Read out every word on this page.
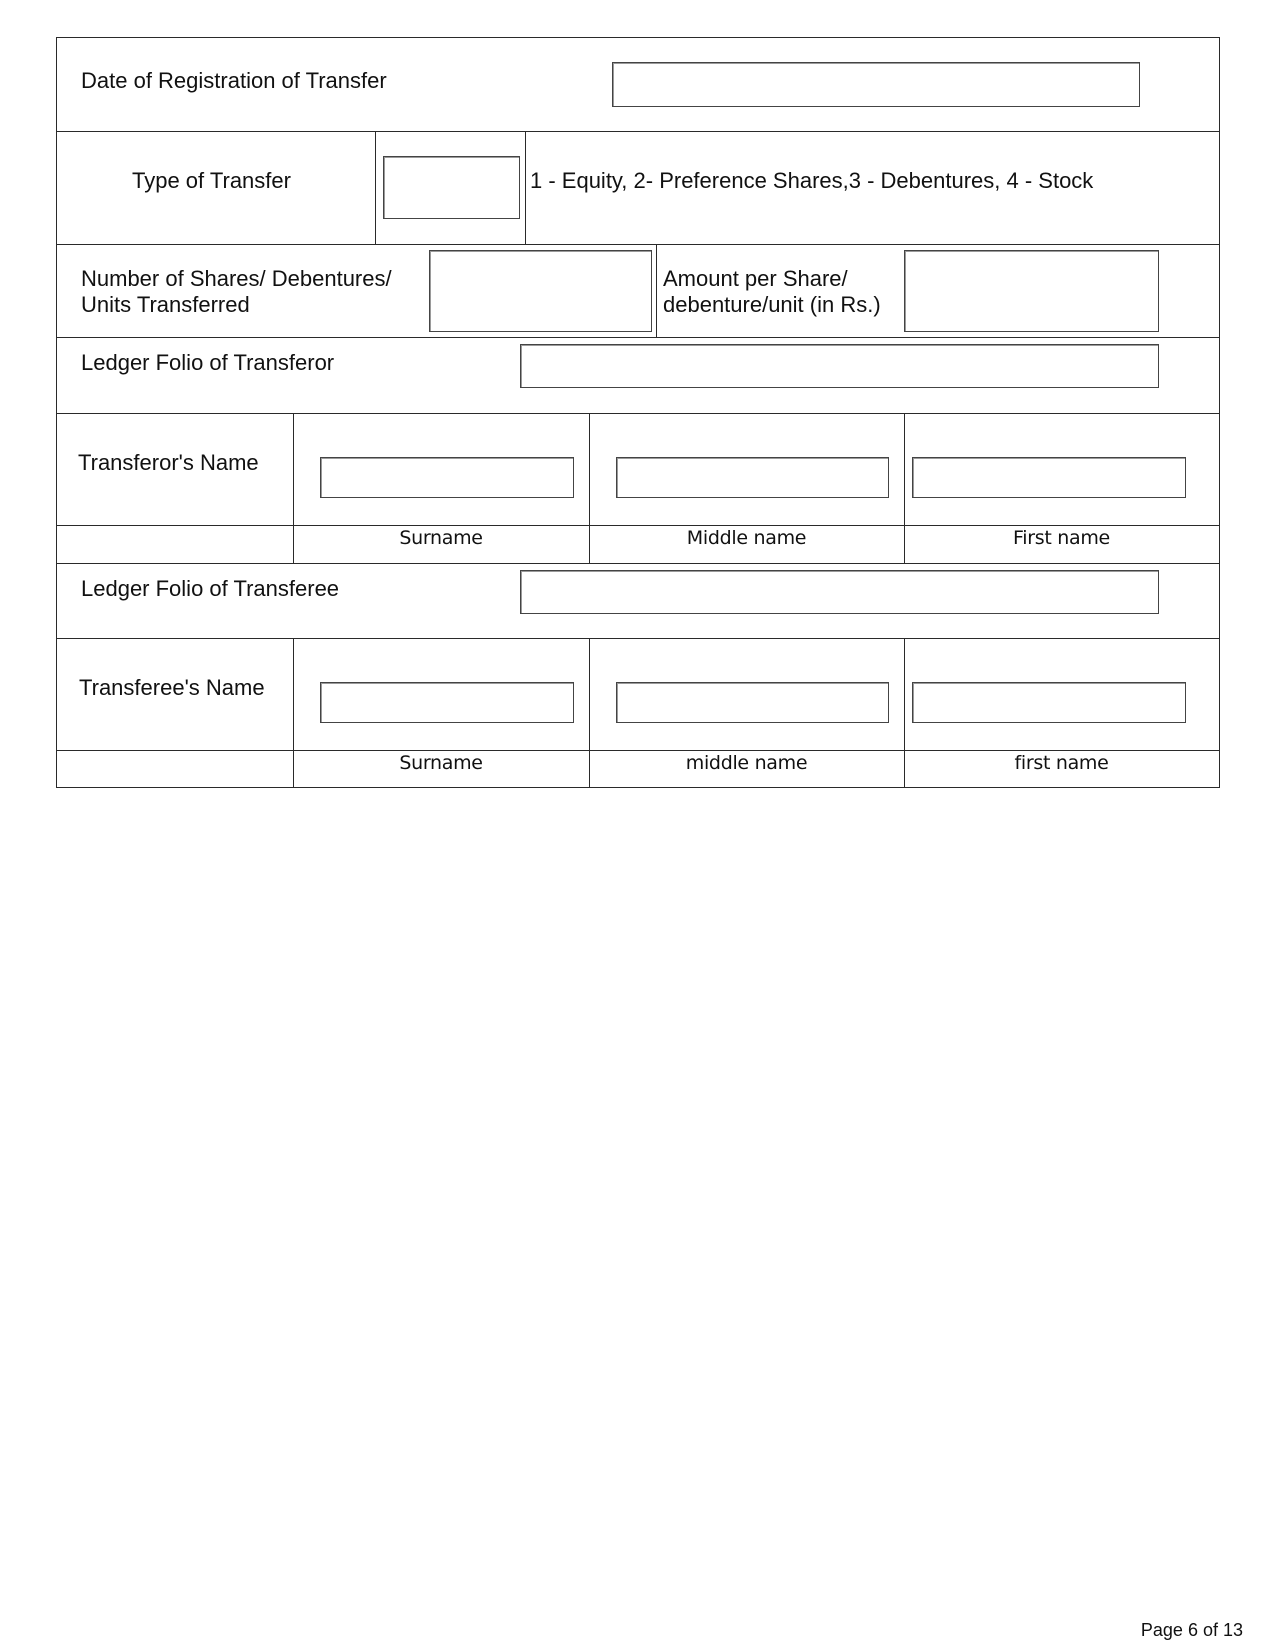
Date of Registration of Transfer
Type of Transfer	1 - Equity, 2- Preference Shares,3 - Debentures, 4 - Stock
Number of Shares/ Debentures/
Units Transferred
Amount per Share/
debenture/unit (in Rs.)
Ledger Folio of Transferor
Transferor's Name
Surname	Middle name	First name
Ledger Folio of Transferee
Transferee's Name
Surname	middle name	first name
Page 6 of 13
